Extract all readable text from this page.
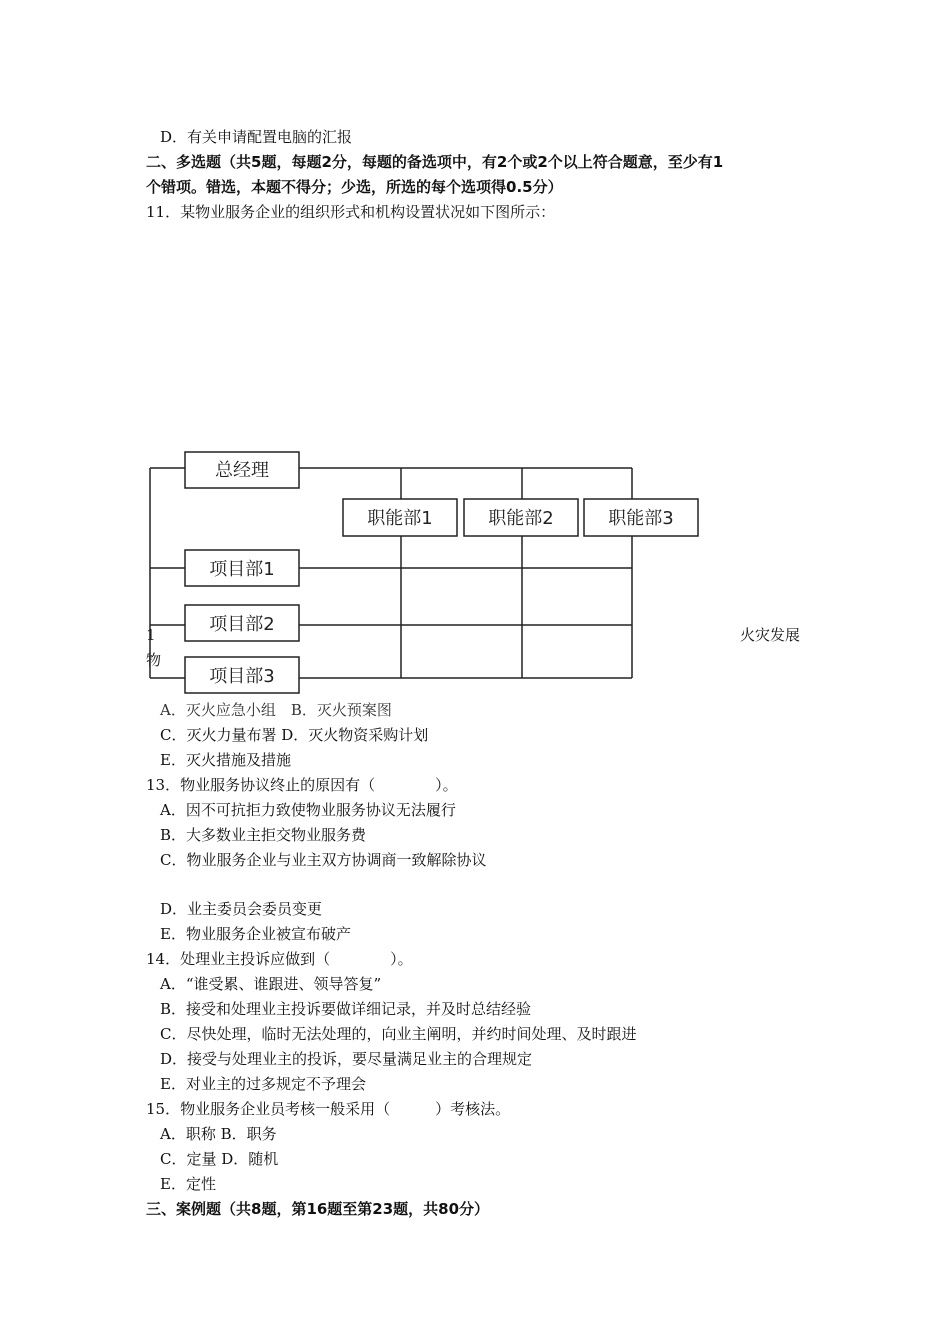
D．有关申请配置电脑的汇报
二、多选题（共5题，每题2分，每题的备选项中，有2个或2个以上符合题意，至少有1
个错项。错选，本题不得分；少选，所选的每个选项得0.5分）
11．某物业服务企业的组织形式和机构设置状况如下图所示：
火灾发展
1
物
总经理
职能部1	职能部2	职能部3
项目部1
项目部2
项目部3
A．灭火应急小组　B．灭火预案图
C．灭火力量布署 D．灭火物资采购计划
E．灭火措施及措施
13．物业服务协议终止的原因有（　　　　）。
A．因不可抗拒力致使物业服务协议无法履行
B．大多数业主拒交物业服务费
C．物业服务企业与业主双方协调商一致解除协议
D．业主委员会委员变更
E．物业服务企业被宣布破产
14．处理业主投诉应做到（　　　　）。
A．“谁受累、谁跟进、领导答复”
B．接受和处理业主投诉要做详细记录，并及时总结经验
C．尽快处理，临时无法处理的，向业主阐明，并约时间处理、及时跟进
D．接受与处理业主的投诉，要尽量满足业主的合理规定
E．对业主的过多规定不予理会
15．物业服务企业员考核一般采用（　　　）考核法。
A．职称 B．职务
C．定量 D．随机
E．定性
三、案例题（共8题，第16题至第23题，共80分）
